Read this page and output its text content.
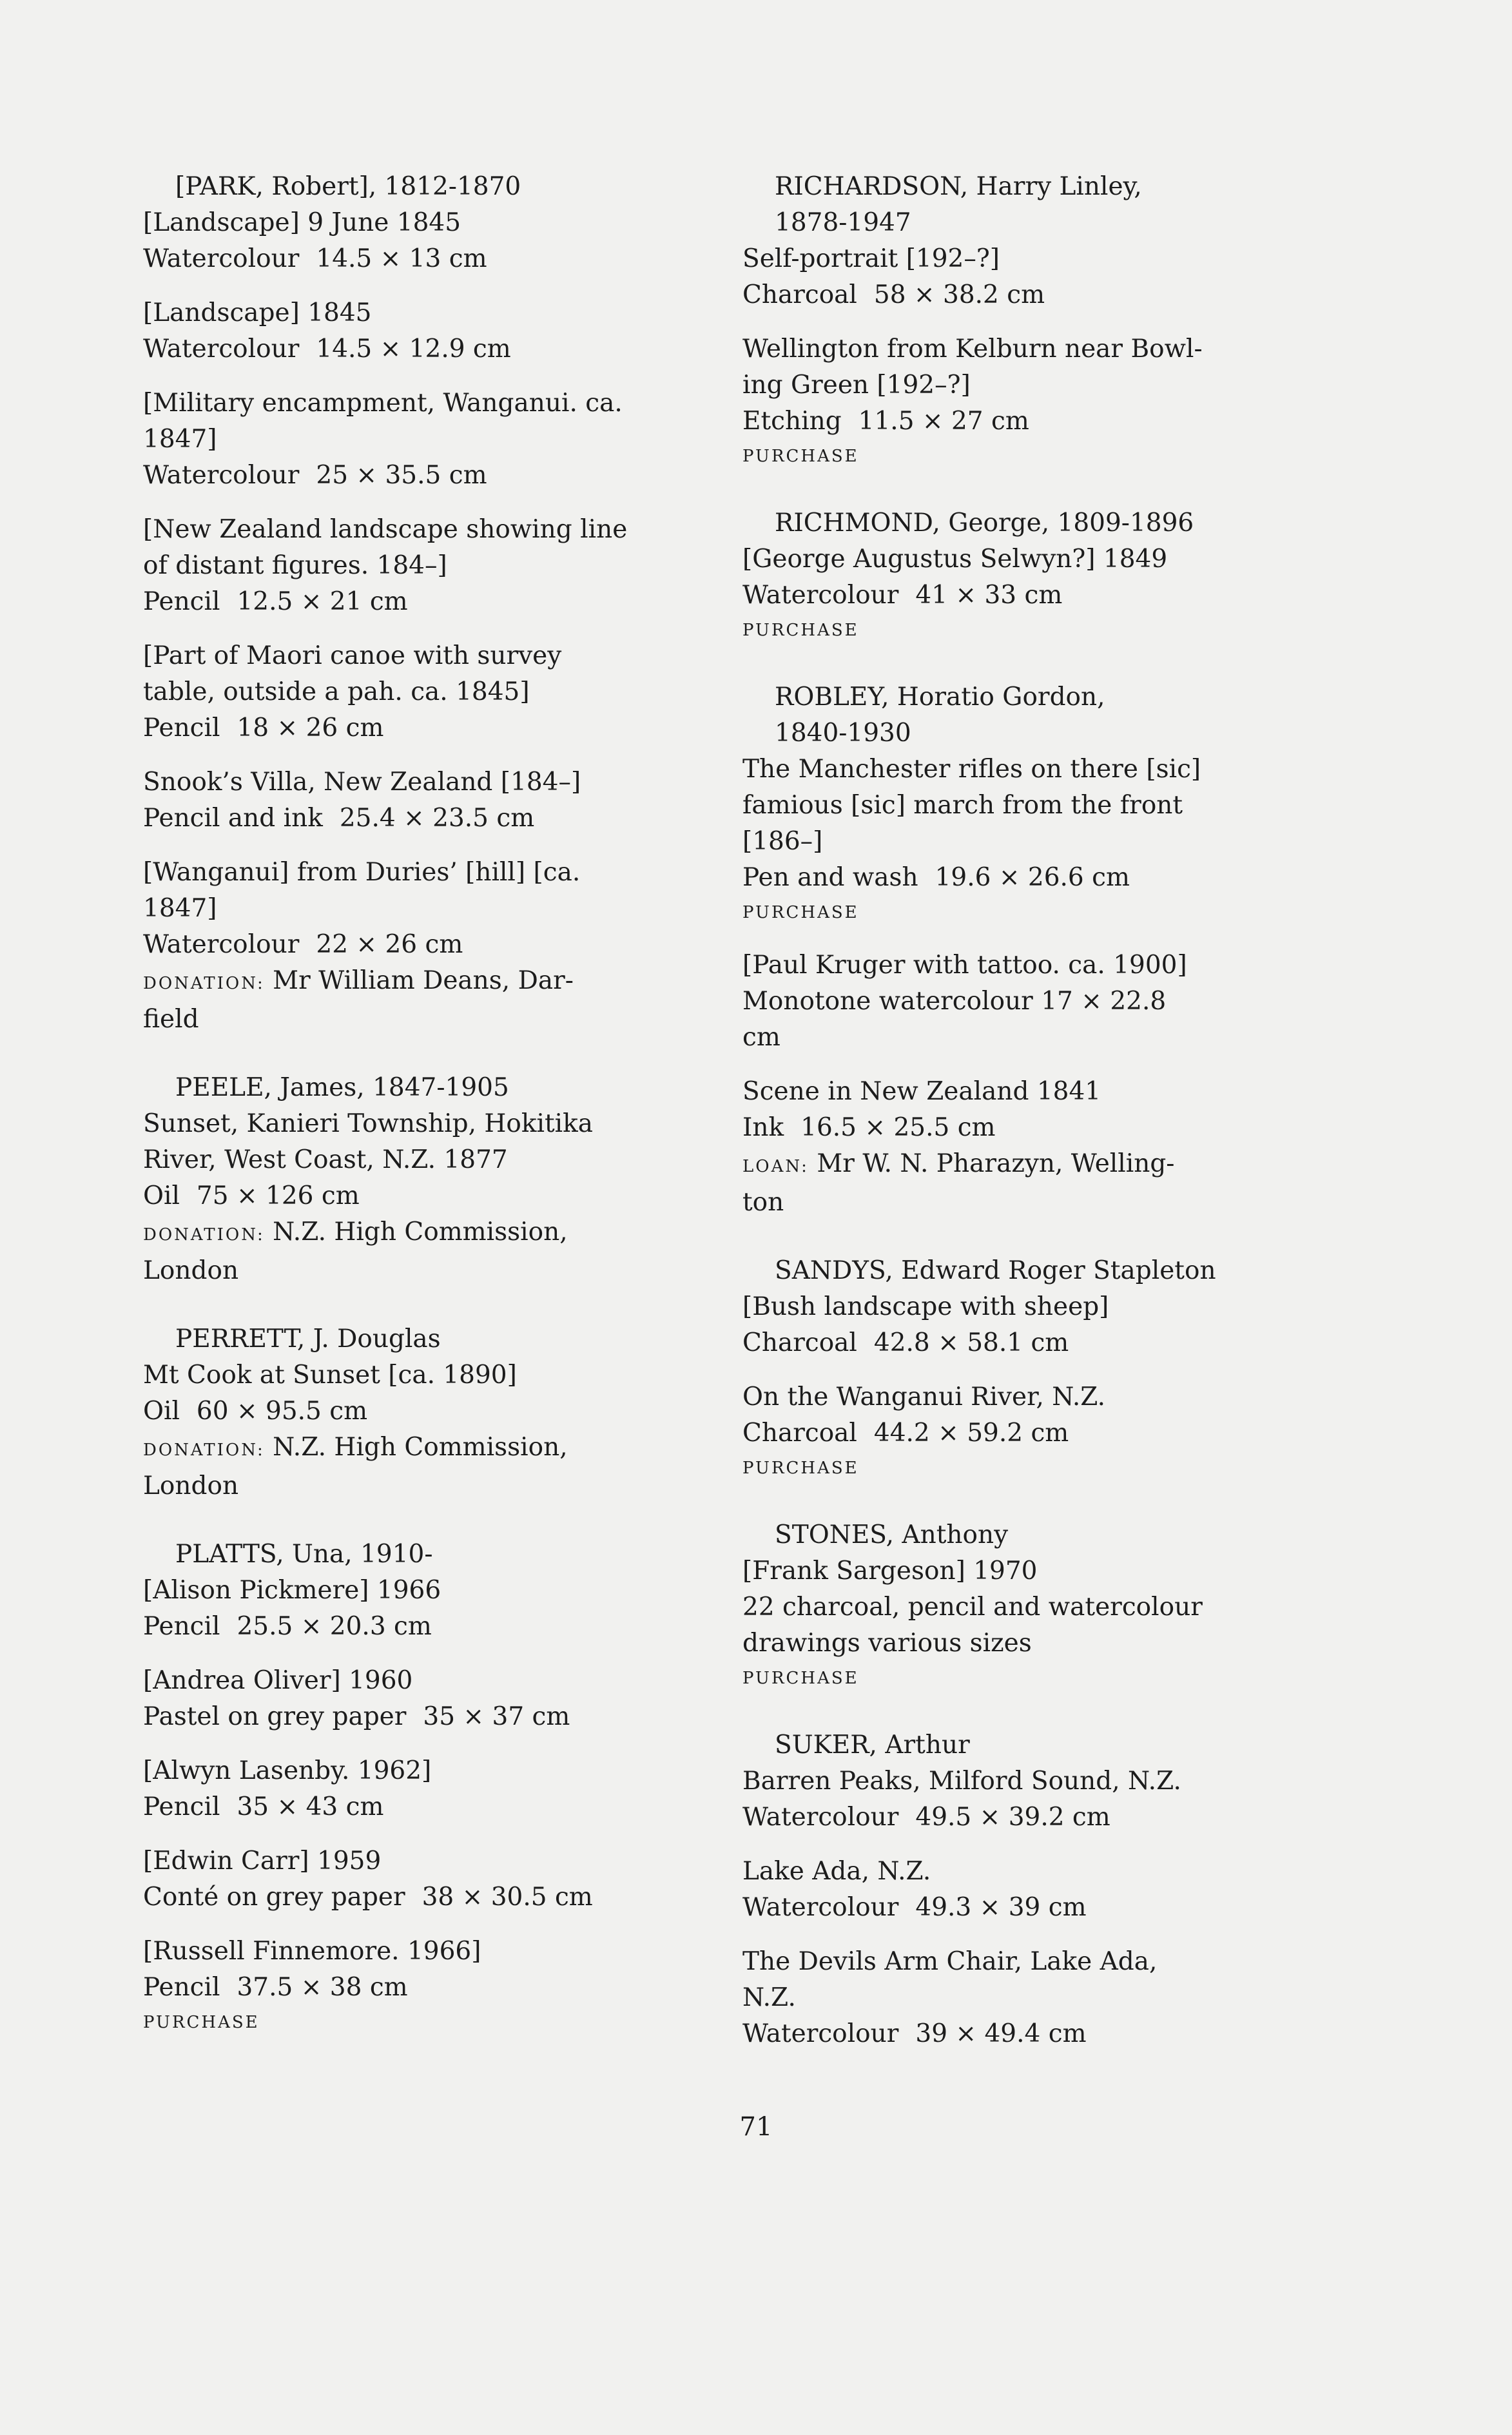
[PARK, Robert], 1812-1870
[Landscape] 9 June 1845
Watercolour 14.5 × 13 cm
[Landscape] 1845
Watercolour 14.5 × 12.9 cm
[Military encampment, Wanganui. ca.
1847]
Watercolour 25 × 35.5 cm
[New Zealand landscape showing line
of distant figures. 184–]
Pencil 12.5 × 21 cm
[Part of Maori canoe with survey
table, outside a pah. ca. 1845]
Pencil 18 × 26 cm
Snook’s Villa, New Zealand [184–]
Pencil and ink 25.4 × 23.5 cm
[Wanganui] from Duries’ [hill] [ca.
1847]
Watercolour 22 × 26 cm
DONATION: Mr William Deans, Dar-
field
PEELE, James, 1847-1905
Sunset, Kanieri Township, Hokitika
River, West Coast, N.Z. 1877
Oil 75 × 126 cm
DONATION: N.Z. High Commission,
London
PERRETT, J. Douglas
Mt Cook at Sunset [ca. 1890]
Oil 60 × 95.5 cm
DONATION: N.Z. High Commission,
London
PLATTS, Una, 1910-
[Alison Pickmere] 1966
Pencil 25.5 × 20.3 cm
[Andrea Oliver] 1960
Pastel on grey paper 35 × 37 cm
[Alwyn Lasenby. 1962]
Pencil 35 × 43 cm
[Edwin Carr] 1959
Conté on grey paper 38 × 30.5 cm
[Russell Finnemore. 1966]
Pencil 37.5 × 38 cm
PURCHASE
RICHARDSON, Harry Linley,
1878-1947
Self-portrait [192–?]
Charcoal 58 × 38.2 cm
Wellington from Kelburn near Bowl-
ing Green [192–?]
Etching 11.5 × 27 cm
PURCHASE
RICHMOND, George, 1809-1896
[George Augustus Selwyn?] 1849
Watercolour 41 × 33 cm
PURCHASE
ROBLEY, Horatio Gordon,
1840-1930
The Manchester rifles on there [sic]
famious [sic] march from the front
[186–]
Pen and wash 19.6 × 26.6 cm
PURCHASE
[Paul Kruger with tattoo. ca. 1900]
Monotone watercolour 17 × 22.8
cm
Scene in New Zealand 1841
Ink 16.5 × 25.5 cm
LOAN: Mr W. N. Pharazyn, Welling-
ton
SANDYS, Edward Roger Stapleton
[Bush landscape with sheep]
Charcoal 42.8 × 58.1 cm
On the Wanganui River, N.Z.
Charcoal 44.2 × 59.2 cm
PURCHASE
STONES, Anthony
[Frank Sargeson] 1970
22 charcoal, pencil and watercolour
drawings various sizes
PURCHASE
SUKER, Arthur
Barren Peaks, Milford Sound, N.Z.
Watercolour 49.5 × 39.2 cm
Lake Ada, N.Z.
Watercolour 49.3 × 39 cm
The Devils Arm Chair, Lake Ada,
N.Z.
Watercolour 39 × 49.4 cm
71
